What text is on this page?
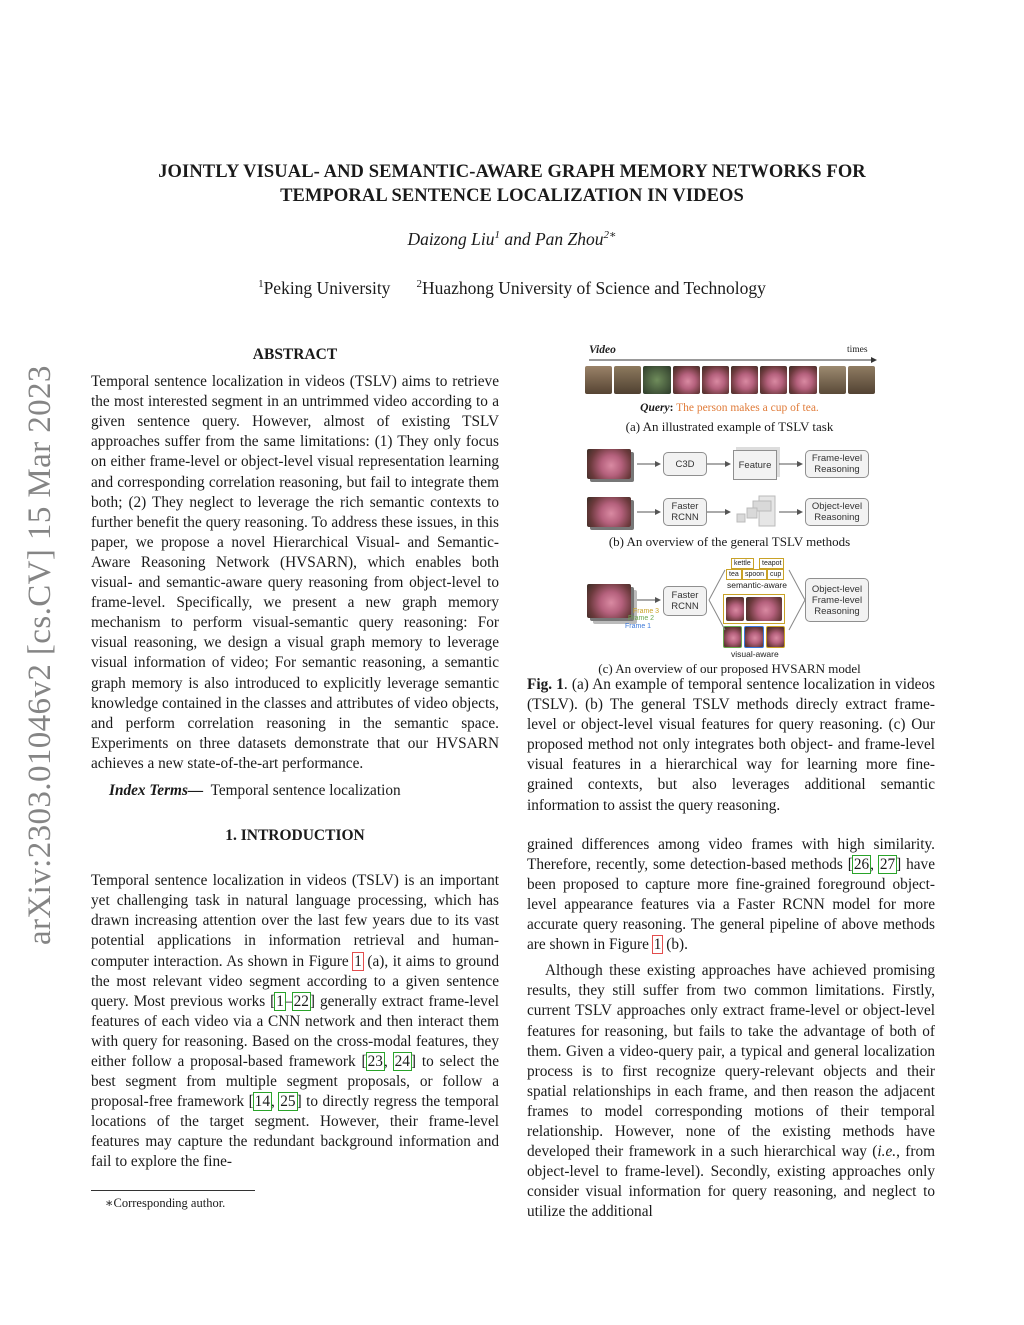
JOINTLY VISUAL- AND SEMANTIC-AWARE GRAPH MEMORY NETWORKS FOR
TEMPORAL SENTENCE LOCALIZATION IN VIDEOS
Daizong Liu$^1$ and Pan Zhou$^{2∗}$
$^1$Peking University $^2$Huazhong University of Science and Technology
arXiv:2303.01046v2 [cs.CV] 15 Mar 2023
ABSTRACT

Temporal sentence localization in videos (TSLV) aims to retrieve the most interested segment in an untrimmed video according to a given sentence query. However, almost of existing TSLV approaches suffer from the same limitations: (1) They only focus on either frame-level or object-level visual representation learning and corresponding correlation reasoning, but fail to integrate them both; (2) They neglect to leverage the rich semantic contexts to further benefit the query reasoning. To address these issues, in this paper, we propose a novel Hierarchical Visual- and Semantic-Aware Reasoning Network (HVSARN), which enables both visual- and semantic-aware query reasoning from object-level to frame-level. Specifically, we present a new graph memory mechanism to perform visual-semantic query reasoning: For visual reasoning, we design a visual graph memory to leverage visual information of video; For semantic reasoning, a semantic graph memory is also introduced to explicitly leverage semantic knowledge contained in the classes and attributes of video objects, and perform correlation reasoning in the semantic space. Experiments on three datasets demonstrate that our HVSARN achieves a new state-of-the-art performance.

Index Terms— Temporal sentence localization

1. INTRODUCTION

Temporal sentence localization in videos (TSLV) is an important yet challenging task in natural language processing, which has drawn increasing attention over the last few years due to its vast potential applications in information retrieval and human-computer interaction. As shown in Figure 1 (a), it aims to ground the most relevant video segment according to a given sentence query. Most previous works [1–22] generally extract frame-level features of each video via a CNN network and then interact them with query for reasoning. Based on the cross-modal features, they either follow a proposal-based framework [23, 24] to select the best segment from multiple segment proposals, or follow a proposal-free framework [14, 25] to directly regress the temporal locations of the target segment. However, their frame-level features may capture the redundant background information and fail to explore the fine-

∗Corresponding author.
Video	times
Query: The person makes a cup of tea.
(a) An illustrated example of TSLV task
C3D	Feature
Frame-level Reasoning
Faster RCNN
Object-level Reasoning
(b) An overview of the general TSLV methods
Frame 3
Frame 2
Frame 1
Faster RCNN
kettle	teapot
tea spoon cup
semantic-aware
visual-aware
Object-level Frame-level Reasoning
(c) An overview of our proposed HVSARN model

Fig. 1. (a) An example of temporal sentence localization in videos (TSLV). (b) The general TSLV methods direcly extract frame-level or object-level visual features for query reasoning. (c) Our proposed method not only integrates both object- and frame-level visual features in a hierarchical way for learning more fine-grained contexts, but also leverages additional semantic information to assist the query reasoning.

grained differences among video frames with high similarity. Therefore, recently, some detection-based methods [26, 27] have been proposed to capture more fine-grained foreground object-level appearance features via a Faster RCNN model for more accurate query reasoning. The general pipeline of above methods are shown in Figure 1 (b).

Although these existing approaches have achieved promising results, they still suffer from two common limitations. Firstly, current TSLV approaches only extract frame-level or object-level features for reasoning, but fails to take the advantage of both of them. Given a video-query pair, a typical and general localization process is to first recognize query-relevant objects and their spatial relationships in each frame, and then reason the adjacent frames to model corresponding motions of their temporal relationship. However, none of the existing methods have developed their framework in a such hierarchical way (i.e., from object-level to frame-level). Secondly, existing approaches only consider visual information for query reasoning, and neglect to utilize the additional
